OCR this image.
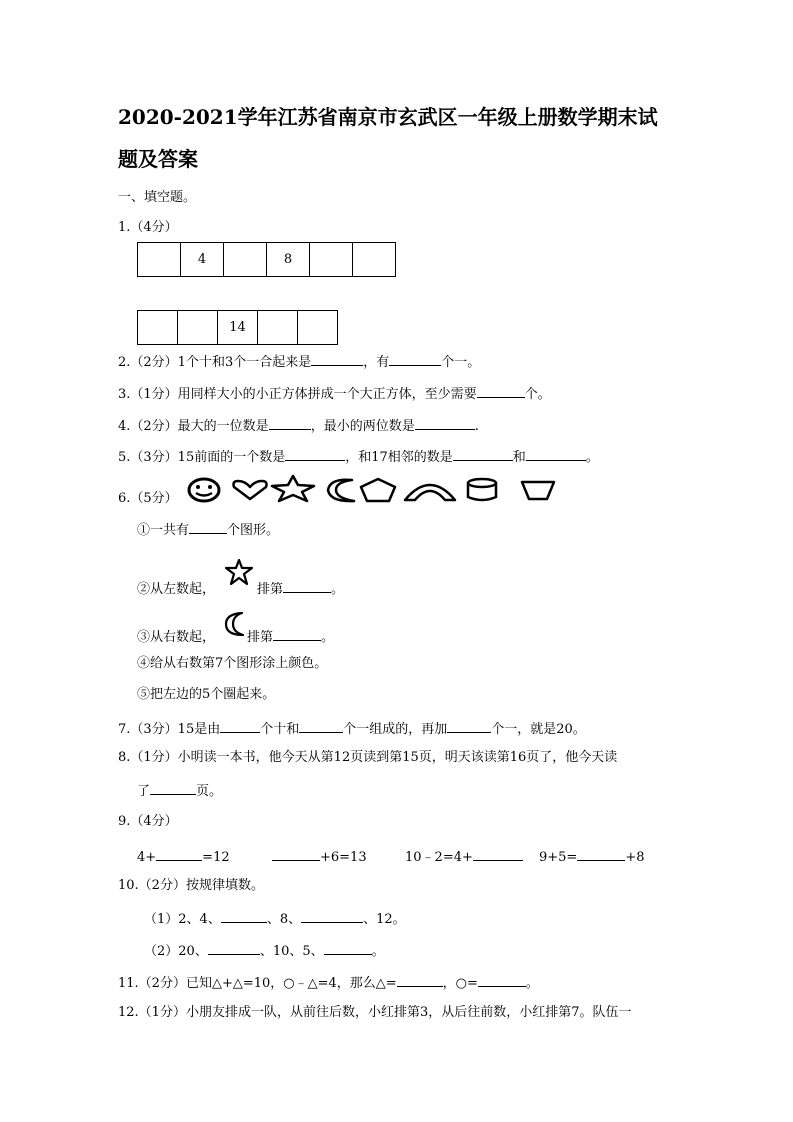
2020-2021学年江苏省南京市玄武区一年级上册数学期末试
题及答案
一、填空题。
1.（4分）
	4		8		
		14		
2.（2分）1个十和3个一合起来是	，有	个一。
3.（1分）用同样大小的小正方体拼成一个大正方体，至少需要	个。
4.（2分）最大的一位数是	，最小的两位数是	.
5.（3分）15前面的一个数是	，和17相邻的数是	和	。
6.（5分）
①一共有	个图形。
②从左数起，	排第	。
③从右数起， 排第	。
④给从右数第7个图形涂上颜色。
⑤把左边的5个圈起来。
7.（3分）15是由	个十和	个一组成的，再加	个一，就是20。
8.（1分）小明读一本书，他今天从第12页读到第15页，明天该读第16页了，他今天读
了	页。
9.（4分）
4+	=12	+6=13	10﹣2=4+	9+5=	+8
10.（2分）按规律填数。
（1）2、4、	、8、	、12。
（2）20、	、10、5、	。
11.（2分）已知△+△=10，○﹣△=4，那么△=	，○=	。
12.（1分）小朋友排成一队，从前往后数，小红排第3，从后往前数，小红排第7。队伍一
